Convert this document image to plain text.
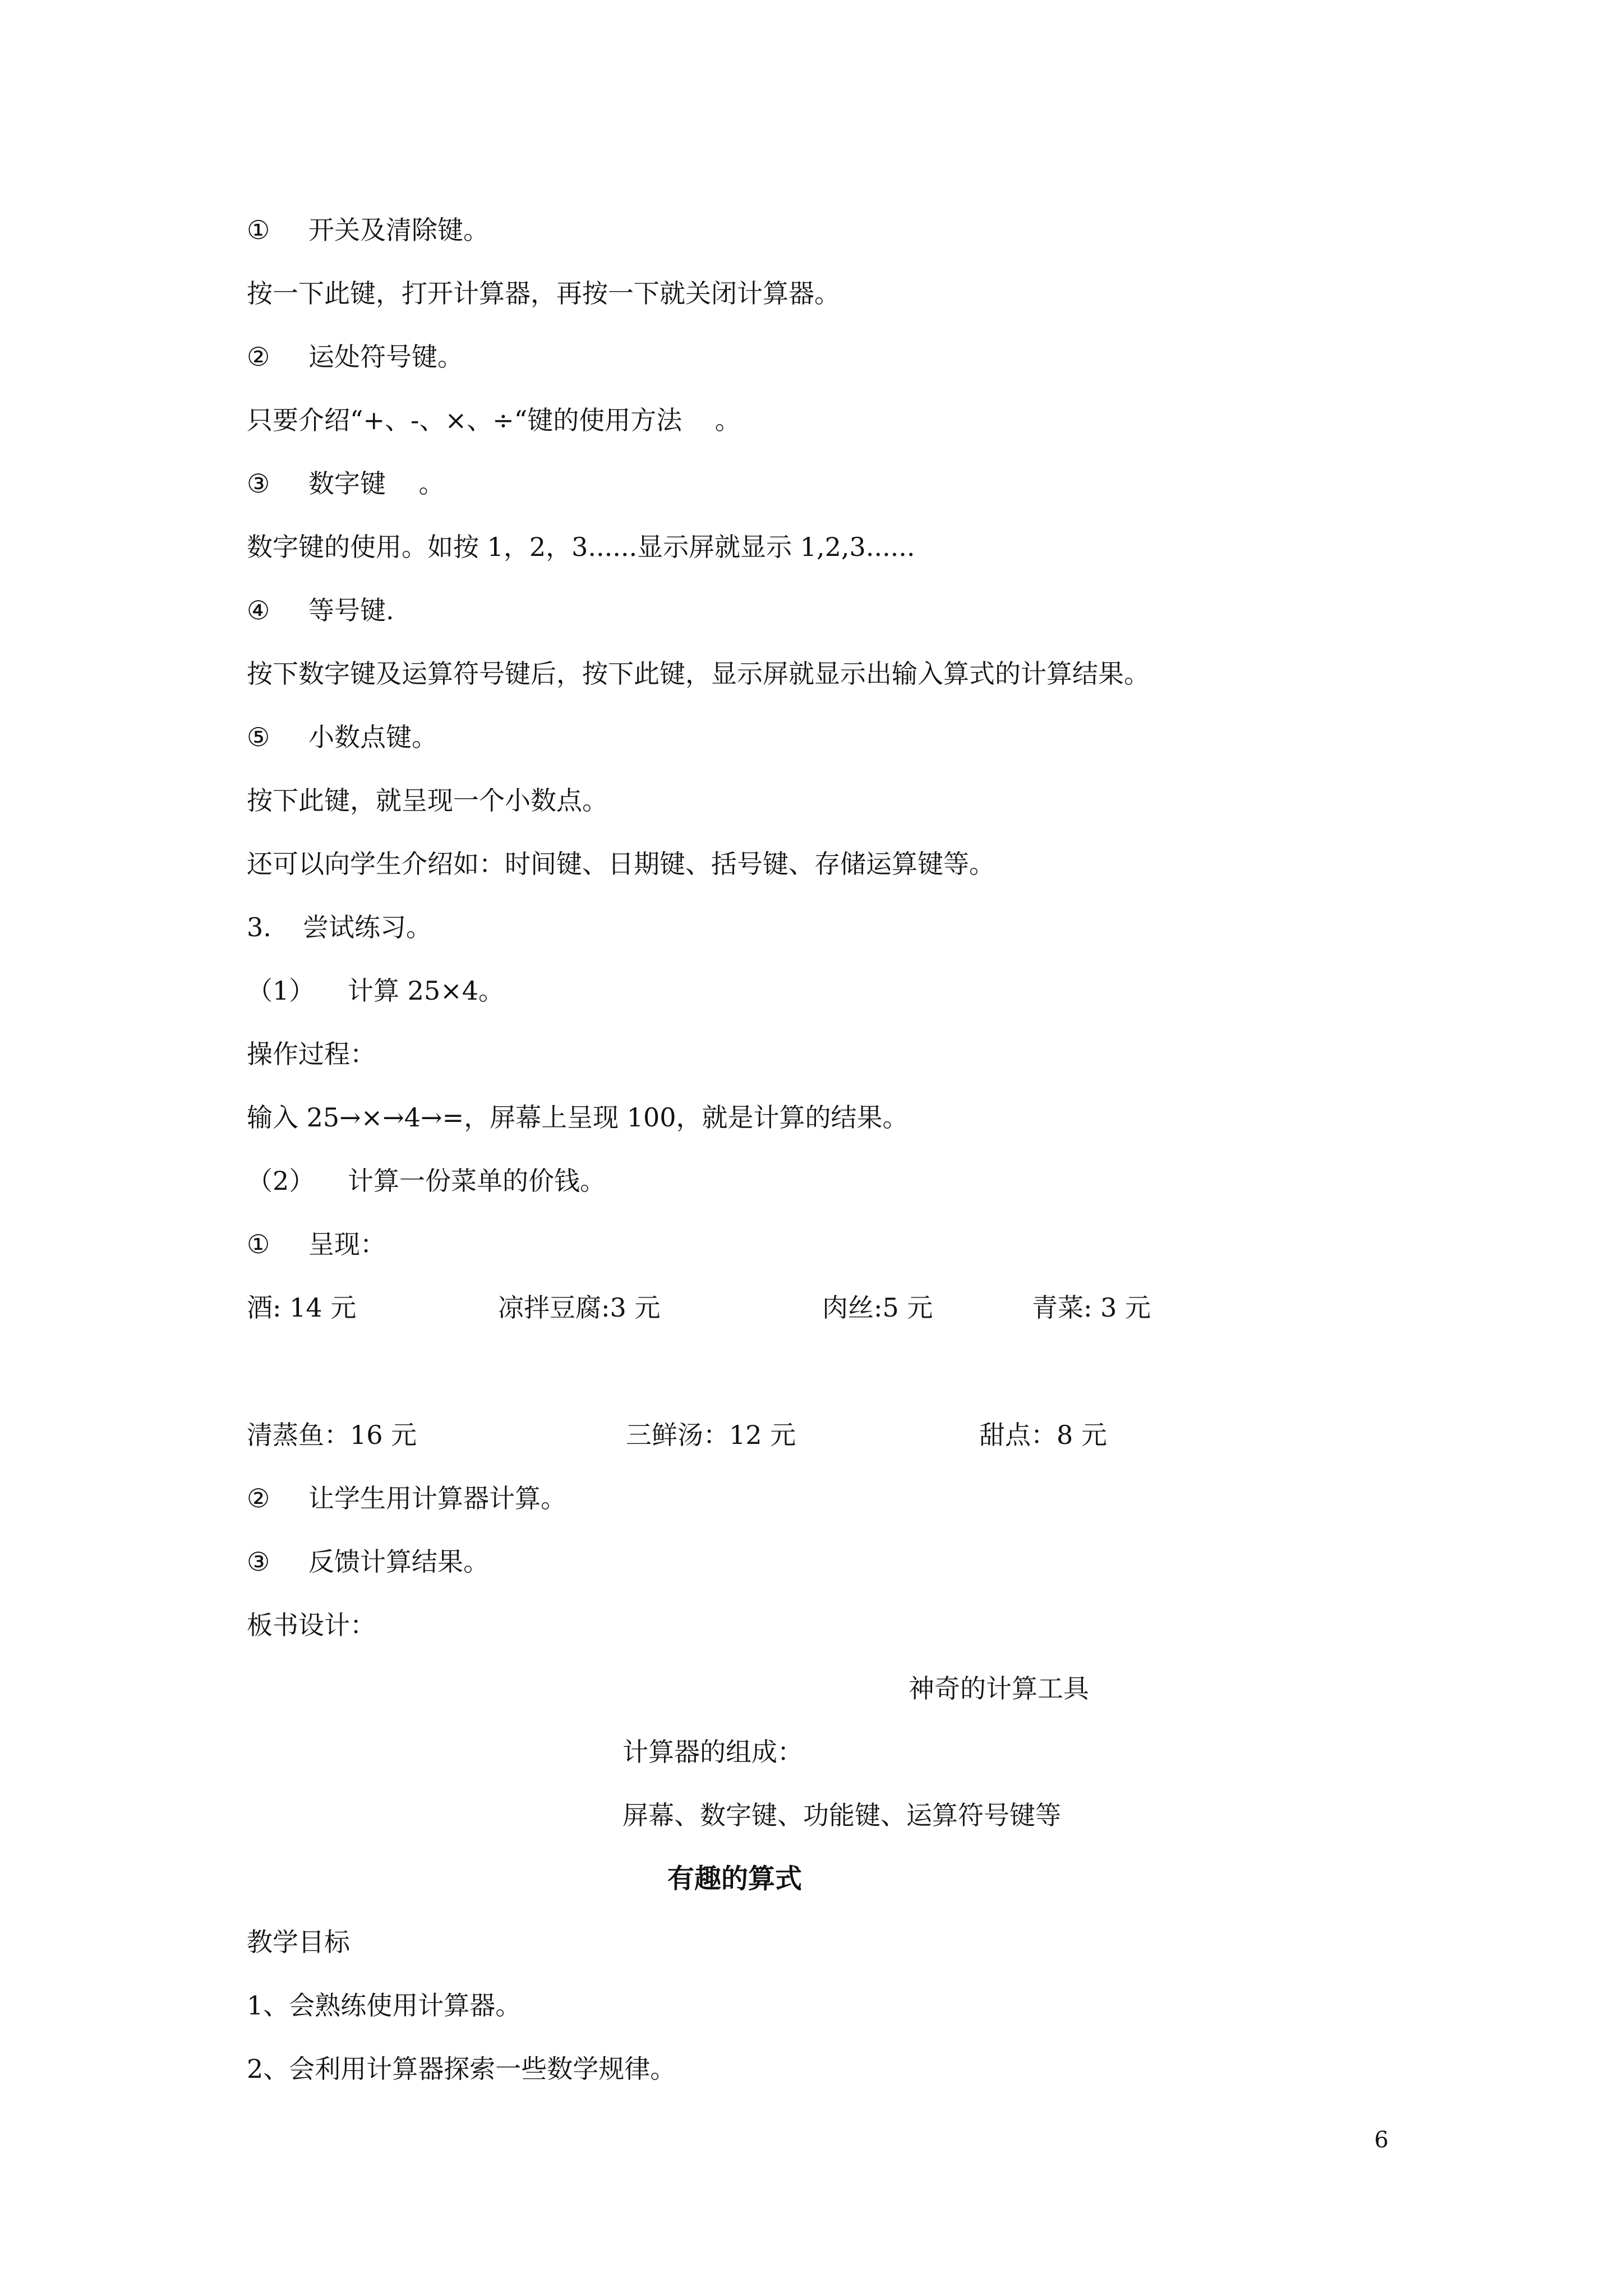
① 开关及清除键。
按一下此键，打开计算器，再按一下就关闭计算器。
② 运处符号键。
只要介绍“+、-、×、÷“键的使用方法    。
③ 数字键    。
数字键的使用。如按 1，2，3......显示屏就显示 1,2,3......
④ 等号键.
按下数字键及运算符号键后，按下此键，显示屏就显示出输入算式的计算结果。
⑤ 小数点键。
按下此键，就呈现一个小数点。
还可以向学生介绍如：时间键、日期键、括号键、存储运算键等。
3. 尝试练习。
（1） 计算 25×4。
操作过程：
输入 25→×→4→=，屏幕上呈现 100，就是计算的结果。
（2） 计算一份菜单的价钱。
① 呈现：
酒: 14 元	凉拌豆腐:3 元	肉丝:5 元	青菜: 3 元
清蒸鱼：16 元	三鲜汤：12 元	甜点：8 元
② 让学生用计算器计算。
③ 反馈计算结果。
板书设计：
神奇的计算工具
计算器的组成：
屏幕、数字键、功能键、运算符号键等
有趣的算式
教学目标
1、会熟练使用计算器。
2、会利用计算器探索一些数学规律。
6
